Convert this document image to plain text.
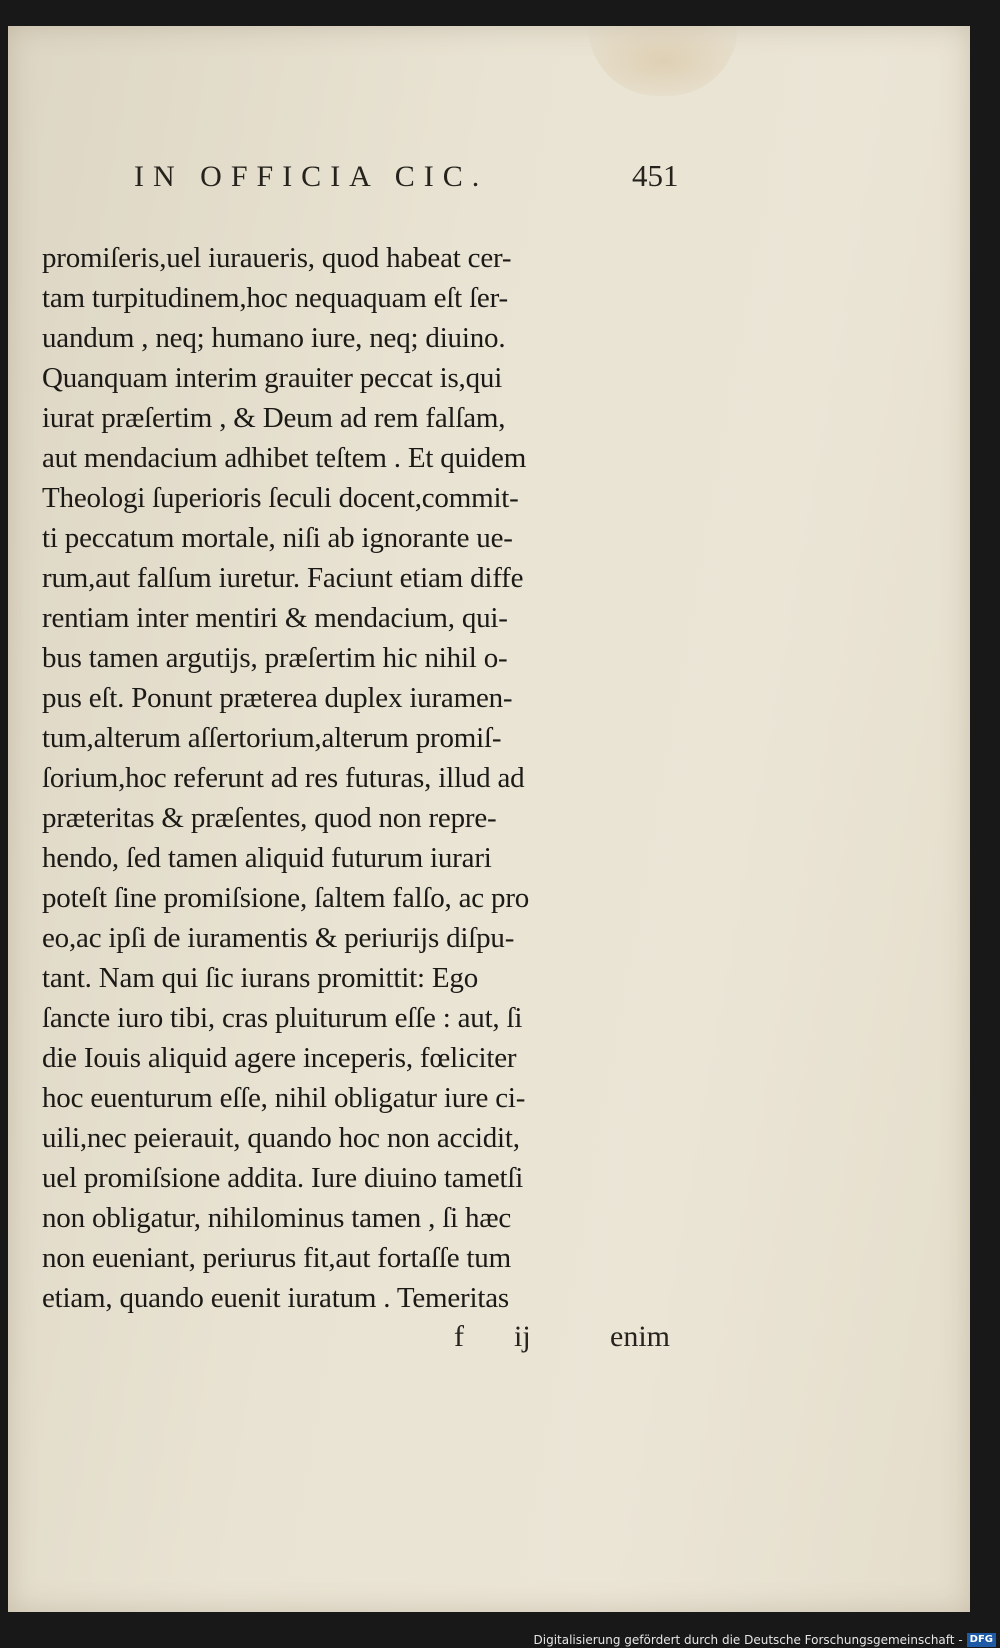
IN OFFICIA CIC.	451
promiſeris,uel iuraueris, quod habeat cer-
tam turpitudinem,hoc nequaquam eſt ſer-
uandum , neq; humano iure, neq; diuino.
Quanquam interim grauiter peccat is,qui
iurat præſertim , & Deum ad rem falſam,
aut mendacium adhibet teſtem . Et quidem
Theologi ſuperioris ſeculi docent,commit-
ti peccatum mortale, niſi ab ignorante ue-
rum,aut falſum iuretur. Faciunt etiam diffe
rentiam inter mentiri & mendacium, qui-
bus tamen argutijs, præſertim hic nihil o-
pus eſt. Ponunt præterea duplex iuramen-
tum,alterum aſſertorium,alterum promiſ-
ſorium,hoc referunt ad res futuras, illud ad
præteritas & præſentes, quod non repre-
hendo, ſed tamen aliquid futurum iurari
poteſt ſine promiſsione, ſaltem falſo, ac pro
eo,ac ipſi de iuramentis & periurijs diſpu-
tant. Nam qui ſic iurans promittit: Ego
ſancte iuro tibi, cras pluiturum eſſe : aut, ſi
die Iouis aliquid agere inceperis, fœliciter
hoc euenturum eſſe, nihil obligatur iure ci-
uili,nec peierauit, quando hoc non accidit,
uel promiſsione addita. Iure diuino tametſi
non obligatur, nihilominus tamen , ſi hæc
non eueniant, periurus fit,aut fortaſſe tum
etiam, quando euenit iuratum . Temeritas
f ij	enim
Digitalisierung gefördert durch die Deutsche Forschungsgemeinschaft - DFG
